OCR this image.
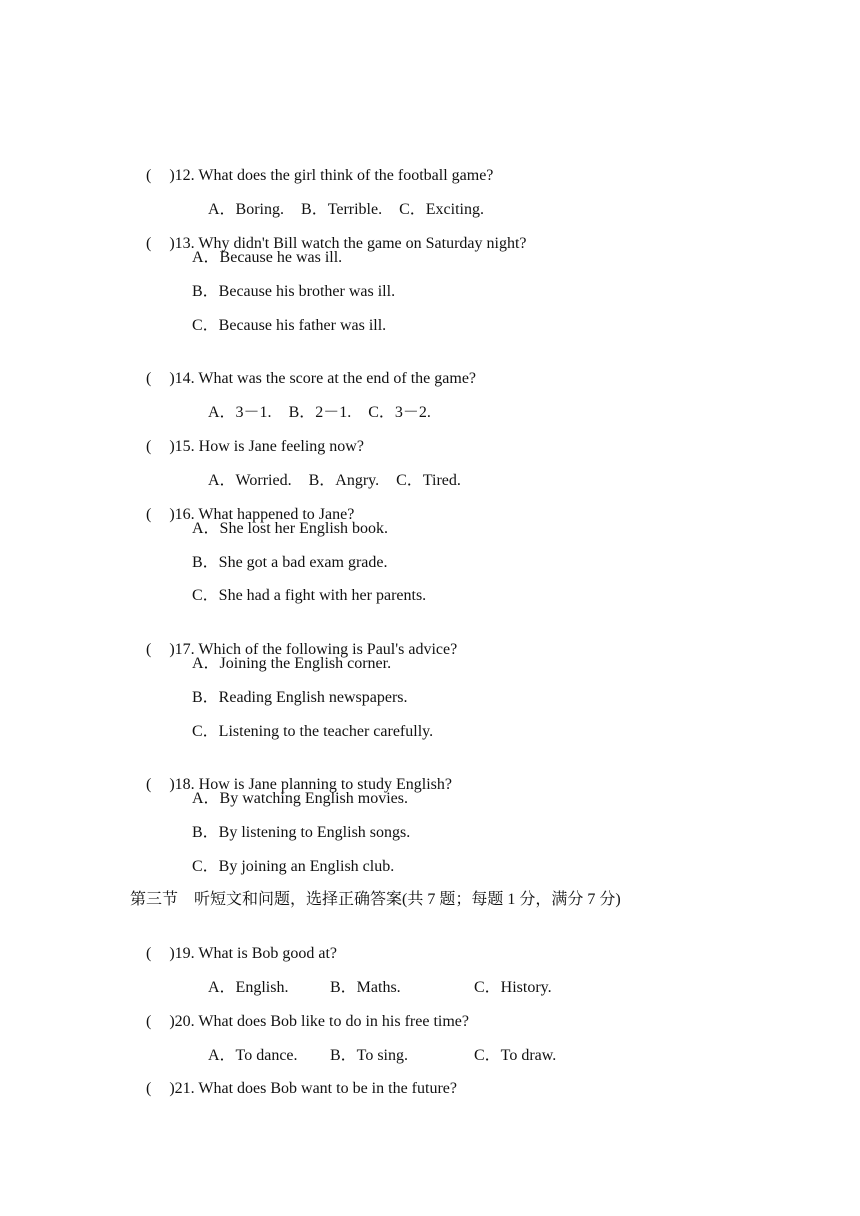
( )12. What does the girl think of the football game?

A．Boring. B．Terrible. C．Exciting.

( )13. Why didn't Bill watch the game on Saturday night?

A．Because he was ill.
B．Because his brother was ill.
C．Because his father was ill.

( )14. What was the score at the end of the game?

A．3－1. B．2－1. C．3－2.

( )15. How is Jane feeling now?

A．Worried. B．Angry. C．Tired.

( )16. What happened to Jane?

A．She lost her English book.
B．She got a bad exam grade.
C．She had a fight with her parents.

( )17. Which of the following is Paul's advice?

A．Joining the English corner.
B．Reading English newspapers.
C．Listening to the teacher carefully.

( )18. How is Jane planning to study English?

A．By watching English movies.
B．By listening to English songs.
C．By joining an English club.
第三节　听短文和问题，选择正确答案(共 7 题；每题 1 分，满分 7 分)

( )19. What is Bob good at?

A．English.	B．Maths.	C．History.

( )20. What does Bob like to do in his free time?

A．To dance. B．To sing.	C．To draw.

( )21. What does Bob want to be in the future?
